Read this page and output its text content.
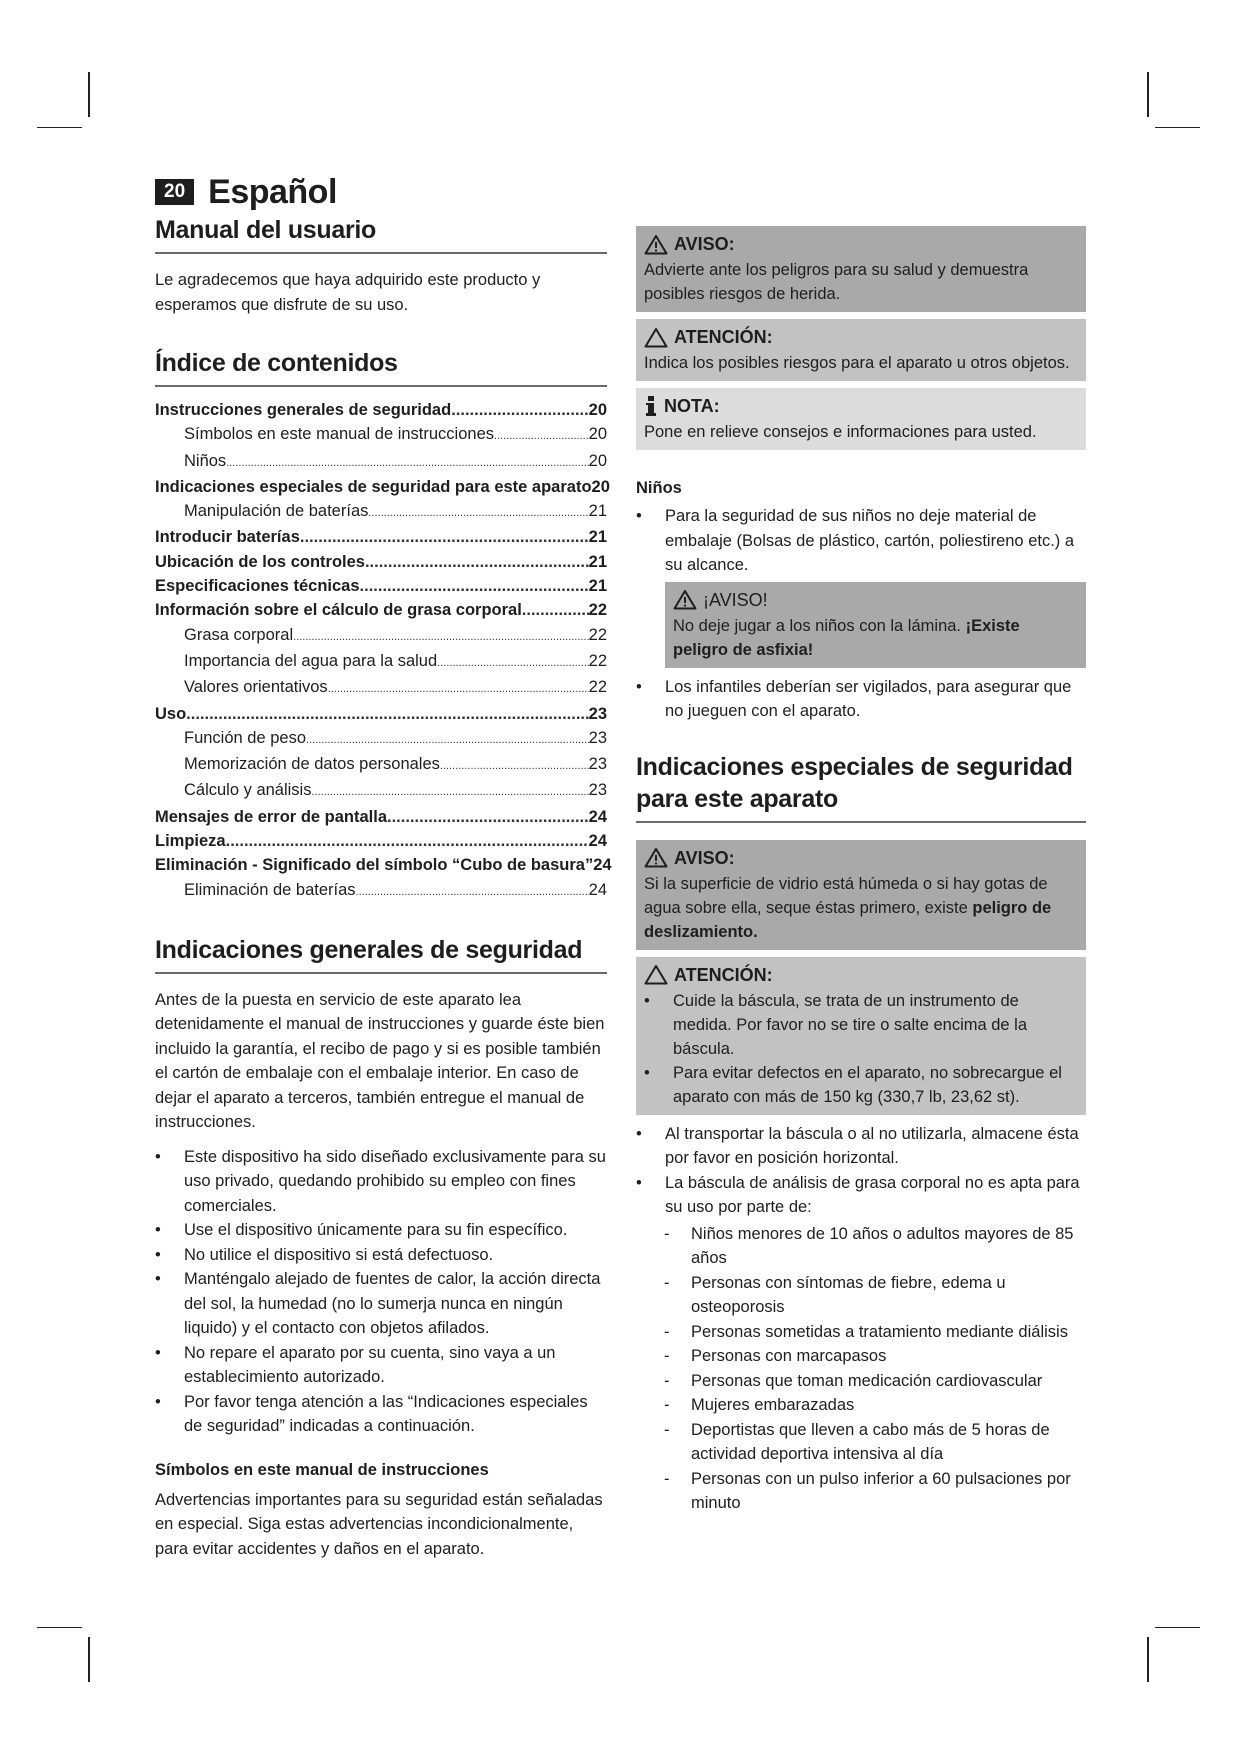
20 Español
Manual del usuario

Le agradecemos que haya adquirido este producto y esperamos que disfrute de su uso.

Índice de contenidos
Instrucciones generales de seguridad .....	20
Símbolos en este manual de instrucciones .....	20
Niños .....	20
Indicaciones especiales de seguridad para este aparato 20
Manipulación de baterías .....	21
Introducir baterías .....	21
Ubicación de los controles .....	21
Especificaciones técnicas .....	21
Información sobre el cálculo de grasa corporal .....	22
Grasa corporal .....	22
Importancia del agua para la salud .....	22
Valores orientativos .....	22
Uso .....	23
Función de peso .....	23
Memorización de datos personales .....	23
Cálculo y análisis .....	23
Mensajes de error de pantalla .....	24
Limpieza .....	24
Eliminación - Significado del símbolo “Cubo de basura” 24
Eliminación de baterías .....	24
Indicaciones generales de seguridad

Antes de la puesta en servicio de este aparato lea detenidamente el manual de instrucciones y guarde éste bien incluido la garantía, el recibo de pago y si es posible también el cartón de embalaje con el embalaje interior. En caso de dejar el aparato a terceros, también entregue el manual de instrucciones.

•	Este dispositivo ha sido diseñado exclusivamente para su uso privado, quedando prohibido su empleo con fines comerciales.
•	Use el dispositivo únicamente para su fin específico.
•	No utilice el dispositivo si está defectuoso.
•	Manténgalo alejado de fuentes de calor, la acción directa del sol, la humedad (no lo sumerja nunca en ningún liquido) y el contacto con objetos afilados.
•	No repare el aparato por su cuenta, sino vaya a un establecimiento autorizado.
•	Por favor tenga atención a las “Indicaciones especiales de seguridad” indicadas a continuación.
Símbolos en este manual de instrucciones

Advertencias importantes para su seguridad están señaladas en especial. Siga estas advertencias incondicionalmente, para evitar accidentes y daños en el aparato.

AVISO:

Advierte ante los peligros para su salud y demuestra posibles riesgos de herida.

ATENCIÓN:

Indica los posibles riesgos para el aparato u otros objetos.

NOTA:

Pone en relieve consejos e informaciones para usted.

Niños
•	Para la seguridad de sus niños no deje material de embalaje (Bolsas de plástico, cartón, poliestireno etc.) a su alcance.
¡AVISO!

No deje jugar a los niños con la lámina. ¡Existe peligro de asfixia!

•	Los infantiles deberían ser vigilados, para asegurar que no jueguen con el aparato.
Indicaciones especiales de seguridad para este aparato
AVISO:

Si la superficie de vidrio está húmeda o si hay gotas de agua sobre ella, seque éstas primero, existe peligro de deslizamiento.

ATENCIÓN:
•	Cuide la báscula, se trata de un instrumento de medida. Por favor no se tire o salte encima de la báscula.
•	Para evitar defectos en el aparato, no sobrecargue el aparato con más de 150 kg (330,7 lb, 23,62 st).
•	Al transportar la báscula o al no utilizarla, almacene ésta por favor en posición horizontal.
•	La báscula de análisis de grasa corporal no es apta para su uso por parte de:
-	Niños menores de 10 años o adultos mayores de 85 años
-	Personas con síntomas de fiebre, edema u osteoporosis
-	Personas sometidas a tratamiento mediante diálisis
-	Personas con marcapasos
-	Personas que toman medicación cardiovascular
-	Mujeres embarazadas
-	Deportistas que lleven a cabo más de 5 horas de actividad deportiva intensiva al día
-	Personas con un pulso inferior a 60 pulsaciones por minuto
